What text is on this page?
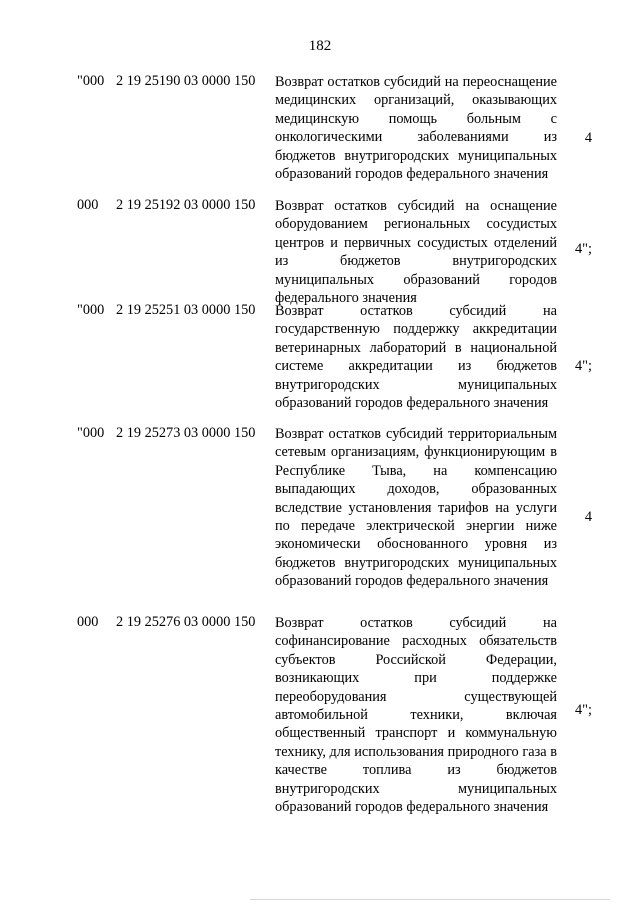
182
"000 2 19 25190 03 0000 150 Возврат остатков субсидий на переоснащение медицинских организаций, оказывающих медицинскую помощь больным с онкологическими заболеваниями из бюджетов внутригородских муниципальных образований городов федерального значения
4
000 2 19 25192 03 0000 150 Возврат остатков субсидий на оснащение оборудованием региональных сосудистых центров и первичных сосудистых отделений из бюджетов внутригородских муниципальных образований городов федерального значения
4";
"000 2 19 25251 03 0000 150 Возврат остатков субсидий на государственную поддержку аккредитации ветеринарных лабораторий в национальной системе аккредитации из бюджетов внутригородских муниципальных образований городов федерального значения
4";
"000 2 19 25273 03 0000 150 Возврат остатков субсидий территориальным сетевым организациям, функционирующим в Республике Тыва, на компенсацию выпадающих доходов, образованных вследствие установления тарифов на услуги по передаче электрической энергии ниже экономически обоснованного уровня из бюджетов внутригородских муниципальных образований городов федерального значения
4
000 2 19 25276 03 0000 150 Возврат остатков субсидий на софинансирование расходных обязательств субъектов Российской Федерации, возникающих при поддержке переоборудования существующей автомобильной техники, включая общественный транспорт и коммунальную технику, для использования природного газа в качестве топлива из бюджетов внутригородских муниципальных образований городов федерального значения
4";
